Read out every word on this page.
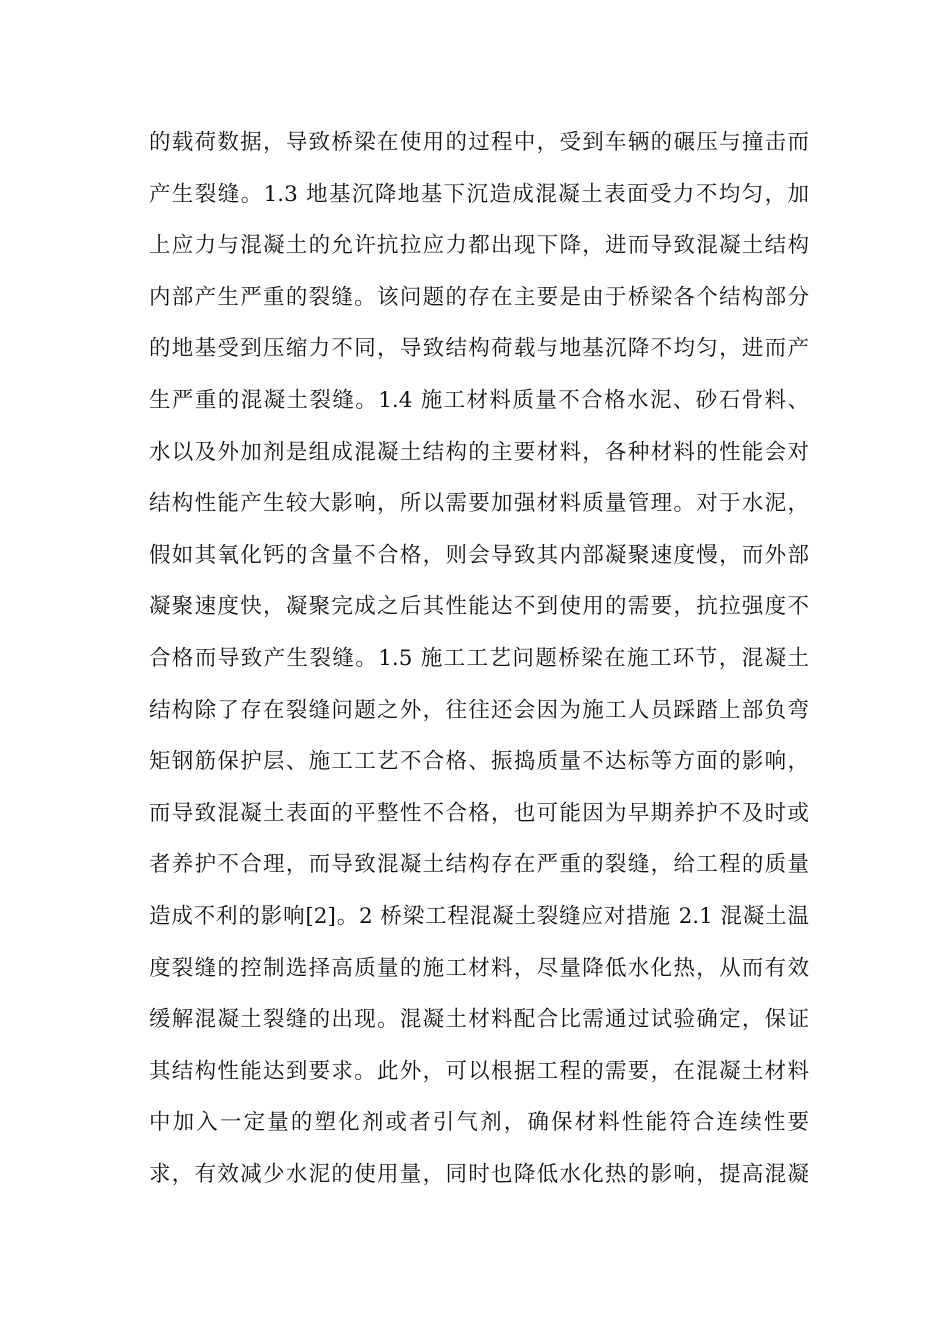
的载荷数据，导致桥梁在使用的过程中，受到车辆的碾压与撞击而
产生裂缝。1.3 地基沉降地基下沉造成混凝土表面受力不均匀，加
上应力与混凝土的允许抗拉应力都出现下降，进而导致混凝土结构
内部产生严重的裂缝。该问题的存在主要是由于桥梁各个结构部分
的地基受到压缩力不同，导致结构荷载与地基沉降不均匀，进而产
生严重的混凝土裂缝。1.4 施工材料质量不合格水泥、砂石骨料、
水以及外加剂是组成混凝土结构的主要材料，各种材料的性能会对
结构性能产生较大影响，所以需要加强材料质量管理。对于水泥，
假如其氧化钙的含量不合格，则会导致其内部凝聚速度慢，而外部
凝聚速度快，凝聚完成之后其性能达不到使用的需要，抗拉强度不
合格而导致产生裂缝。1.5 施工工艺问题桥梁在施工环节，混凝土
结构除了存在裂缝问题之外，往往还会因为施工人员踩踏上部负弯
矩钢筋保护层、施工工艺不合格、振捣质量不达标等方面的影响，
而导致混凝土表面的平整性不合格，也可能因为早期养护不及时或
者养护不合理，而导致混凝土结构存在严重的裂缝，给工程的质量
造成不利的影响[2]。2 桥梁工程混凝土裂缝应对措施 2.1 混凝土温
度裂缝的控制选择高质量的施工材料，尽量降低水化热，从而有效
缓解混凝土裂缝的出现。混凝土材料配合比需通过试验确定，保证
其结构性能达到要求。此外，可以根据工程的需要，在混凝土材料
中加入一定量的塑化剂或者引气剂，确保材料性能符合连续性要
求，有效减少水泥的使用量，同时也降低水化热的影响，提高混凝
